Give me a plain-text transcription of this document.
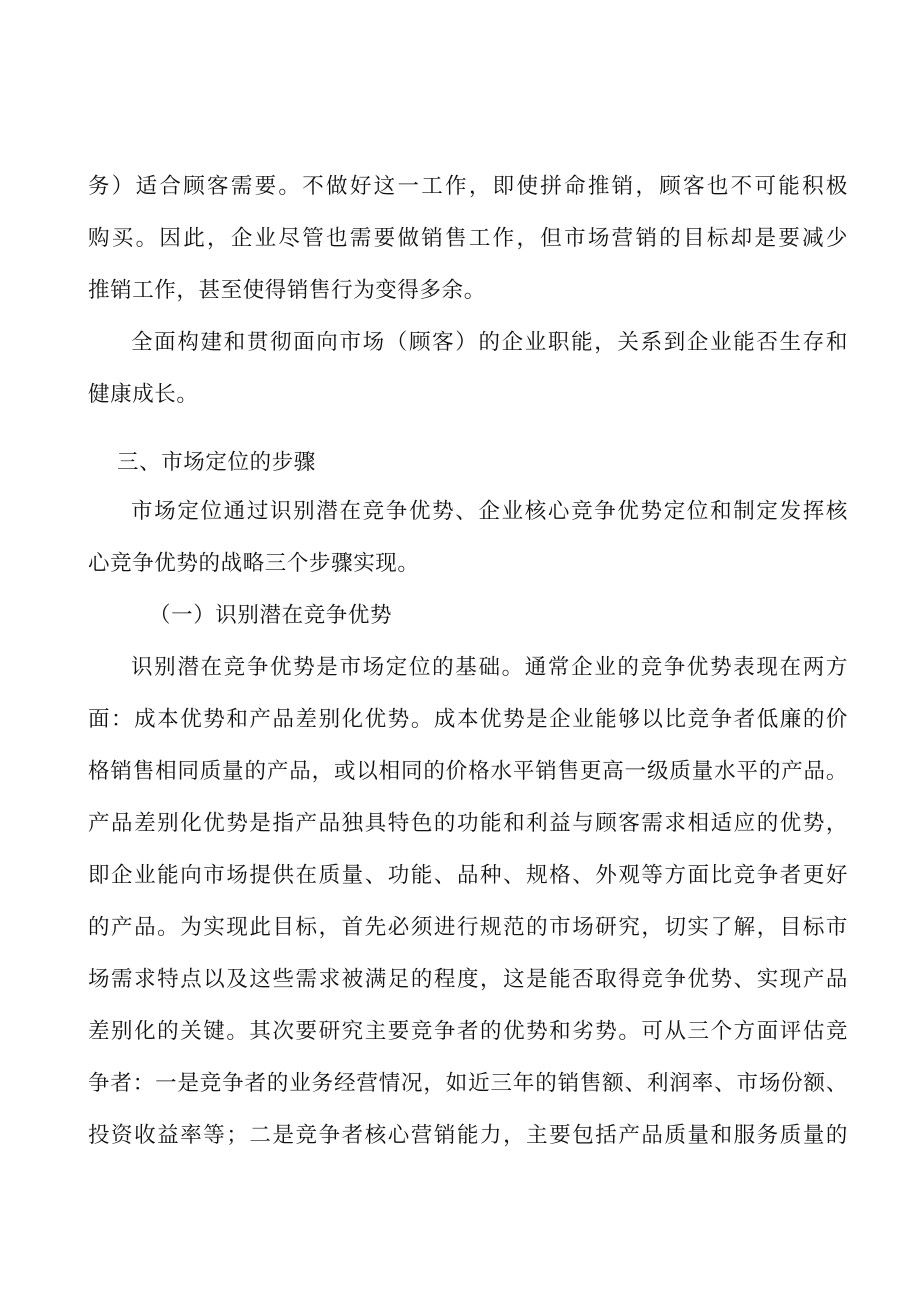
务）适合顾客需要。不做好这一工作，即使拼命推销，顾客也不可能积极
购买。因此，企业尽管也需要做销售工作，但市场营销的目标却是要减少
推销工作，甚至使得销售行为变得多余。
全面构建和贯彻面向市场（顾客）的企业职能，关系到企业能否生存和
健康成长。
三、市场定位的步骤
市场定位通过识别潜在竞争优势、企业核心竞争优势定位和制定发挥核
心竞争优势的战略三个步骤实现。
（一）识别潜在竞争优势
识别潜在竞争优势是市场定位的基础。通常企业的竞争优势表现在两方
面：成本优势和产品差别化优势。成本优势是企业能够以比竞争者低廉的价
格销售相同质量的产品，或以相同的价格水平销售更高一级质量水平的产品。
产品差别化优势是指产品独具特色的功能和利益与顾客需求相适应的优势，
即企业能向市场提供在质量、功能、品种、规格、外观等方面比竞争者更好
的产品。为实现此目标，首先必须进行规范的市场研究，切实了解，目标市
场需求特点以及这些需求被满足的程度，这是能否取得竞争优势、实现产品
差别化的关键。其次要研究主要竞争者的优势和劣势。可从三个方面评估竞
争者：一是竞争者的业务经营情况，如近三年的销售额、利润率、市场份额、
投资收益率等；二是竞争者核心营销能力，主要包括产品质量和服务质量的
